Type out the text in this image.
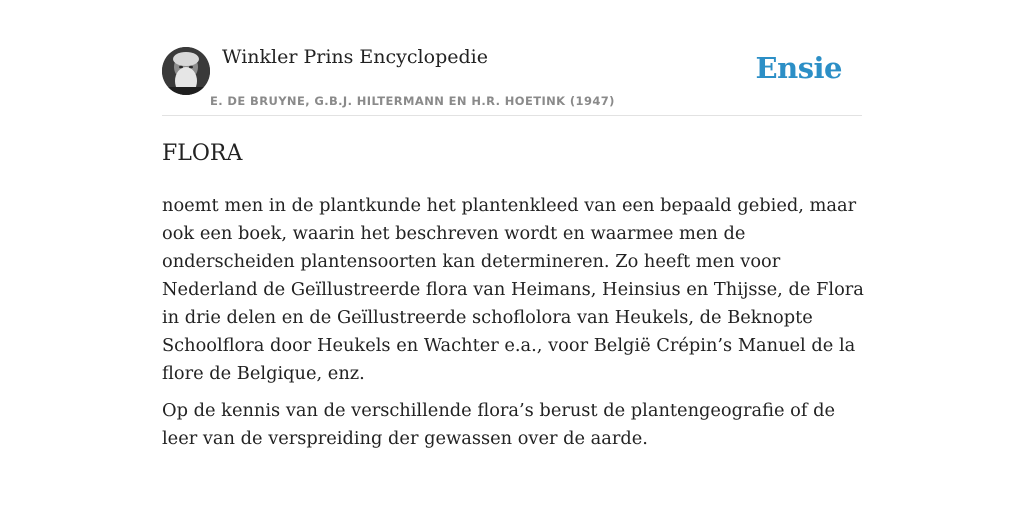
Winkler Prins Encyclopedie
E. DE BRUYNE, G.B.J. HILTERMANN EN H.R. HOETINK (1947)
Ensie
FLORA

noemt men in de plantkunde het plantenkleed van een bepaald gebied, maar ook een boek, waarin het beschreven wordt en waarmee men de onderscheiden plantensoorten kan determineren. Zo heeft men voor Nederland de Geïllustreerde flora van Heimans, Heinsius en Thijsse, de Flora in drie delen en de Geïllustreerde schoflolora van Heukels, de Beknopte Schoolflora door Heukels en Wachter e.a., voor België Crépin’s Manuel de la flore de Belgique, enz.

Op de kennis van de verschillende flora’s berust de plantengeografie of de leer van de verspreiding der gewassen over de aarde.
